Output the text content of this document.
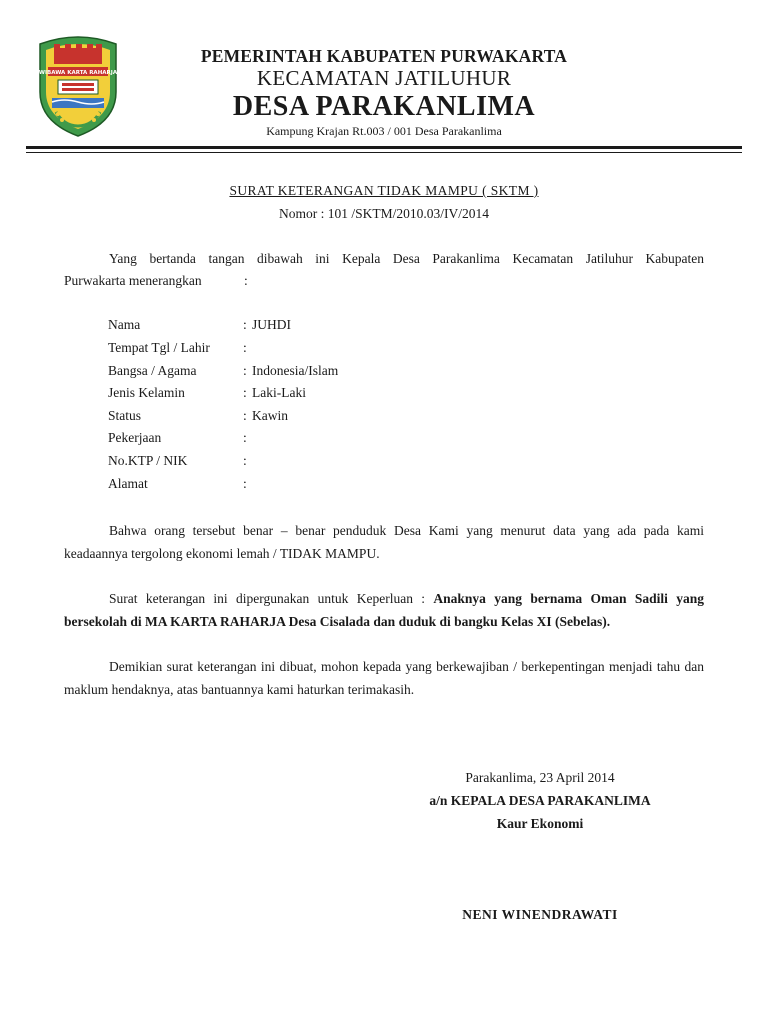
WIBAWA KARTA RAHARJA
PEMERINTAH KABUPATEN PURWAKARTA
KECAMATAN JATILUHUR
DESA PARAKANLIMA
Kampung Krajan Rt.003 / 001 Desa Parakanlima
SURAT KETERANGAN TIDAK MAMPU ( SKTM )
Nomor : 101 /SKTM/2010.03/IV/2014
Yang bertanda tangan dibawah ini Kepala Desa Parakanlima Kecamatan Jatiluhur Kabupaten
Purwakarta menerangkan	:
Nama	: JUHDI
Tempat Tgl / Lahir :
Bangsa / Agama	: Indonesia/Islam
Jenis Kelamin	: Laki-Laki
Status	: Kawin
Pekerjaan	:
No.KTP / NIK	:
Alamat	:
Bahwa orang tersebut benar – benar penduduk Desa Kami yang menurut data yang ada pada kami keadaannya tergolong ekonomi lemah / TIDAK MAMPU.
Surat keterangan ini dipergunakan untuk Keperluan : Anaknya yang bernama Oman Sadili yang bersekolah di MA KARTA RAHARJA Desa Cisalada dan duduk di bangku Kelas XI (Sebelas).
Demikian surat keterangan ini dibuat, mohon kepada yang berkewajiban / berkepentingan menjadi tahu dan maklum hendaknya, atas bantuannya kami haturkan terimakasih.
Parakanlima, 23 April 2014
a/n KEPALA DESA PARAKANLIMA
Kaur Ekonomi
NENI WINENDRAWATI
